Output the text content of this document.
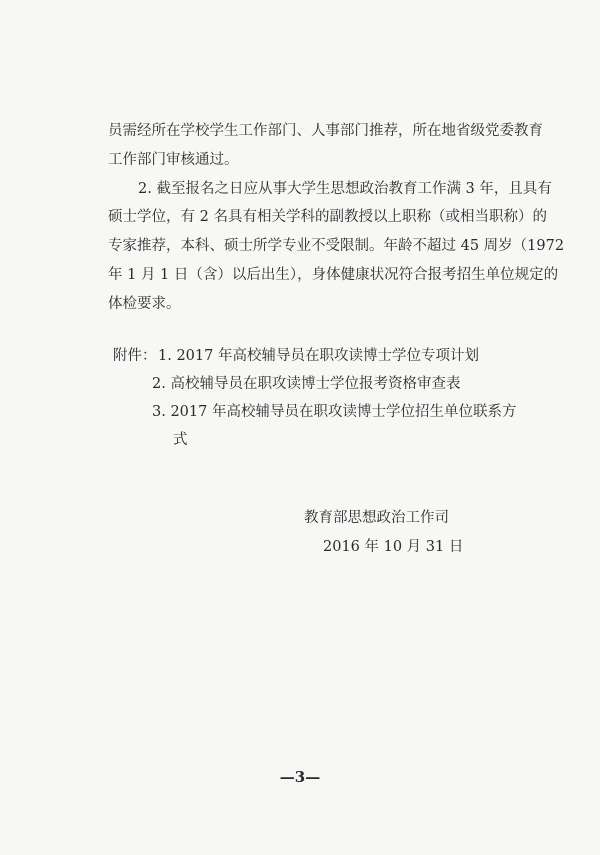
员需经所在学校学生工作部门、人事部门推荐，所在地省级党委教育
工作部门审核通过。
2. 截至报名之日应从事大学生思想政治教育工作满 3 年，且具有
硕士学位，有 2 名具有相关学科的副教授以上职称（或相当职称）的
专家推荐，本科、硕士所学专业不受限制。年龄不超过 45 周岁（1972
年 1 月 1 日（含）以后出生），身体健康状况符合报考招生单位规定的
体检要求。
附件： 1. 2017 年高校辅导员在职攻读博士学位专项计划
2. 高校辅导员在职攻读博士学位报考资格审查表
3. 2017 年高校辅导员在职攻读博士学位招生单位联系方
式
教育部思想政治工作司
2016 年 10 月 31 日
—3—
